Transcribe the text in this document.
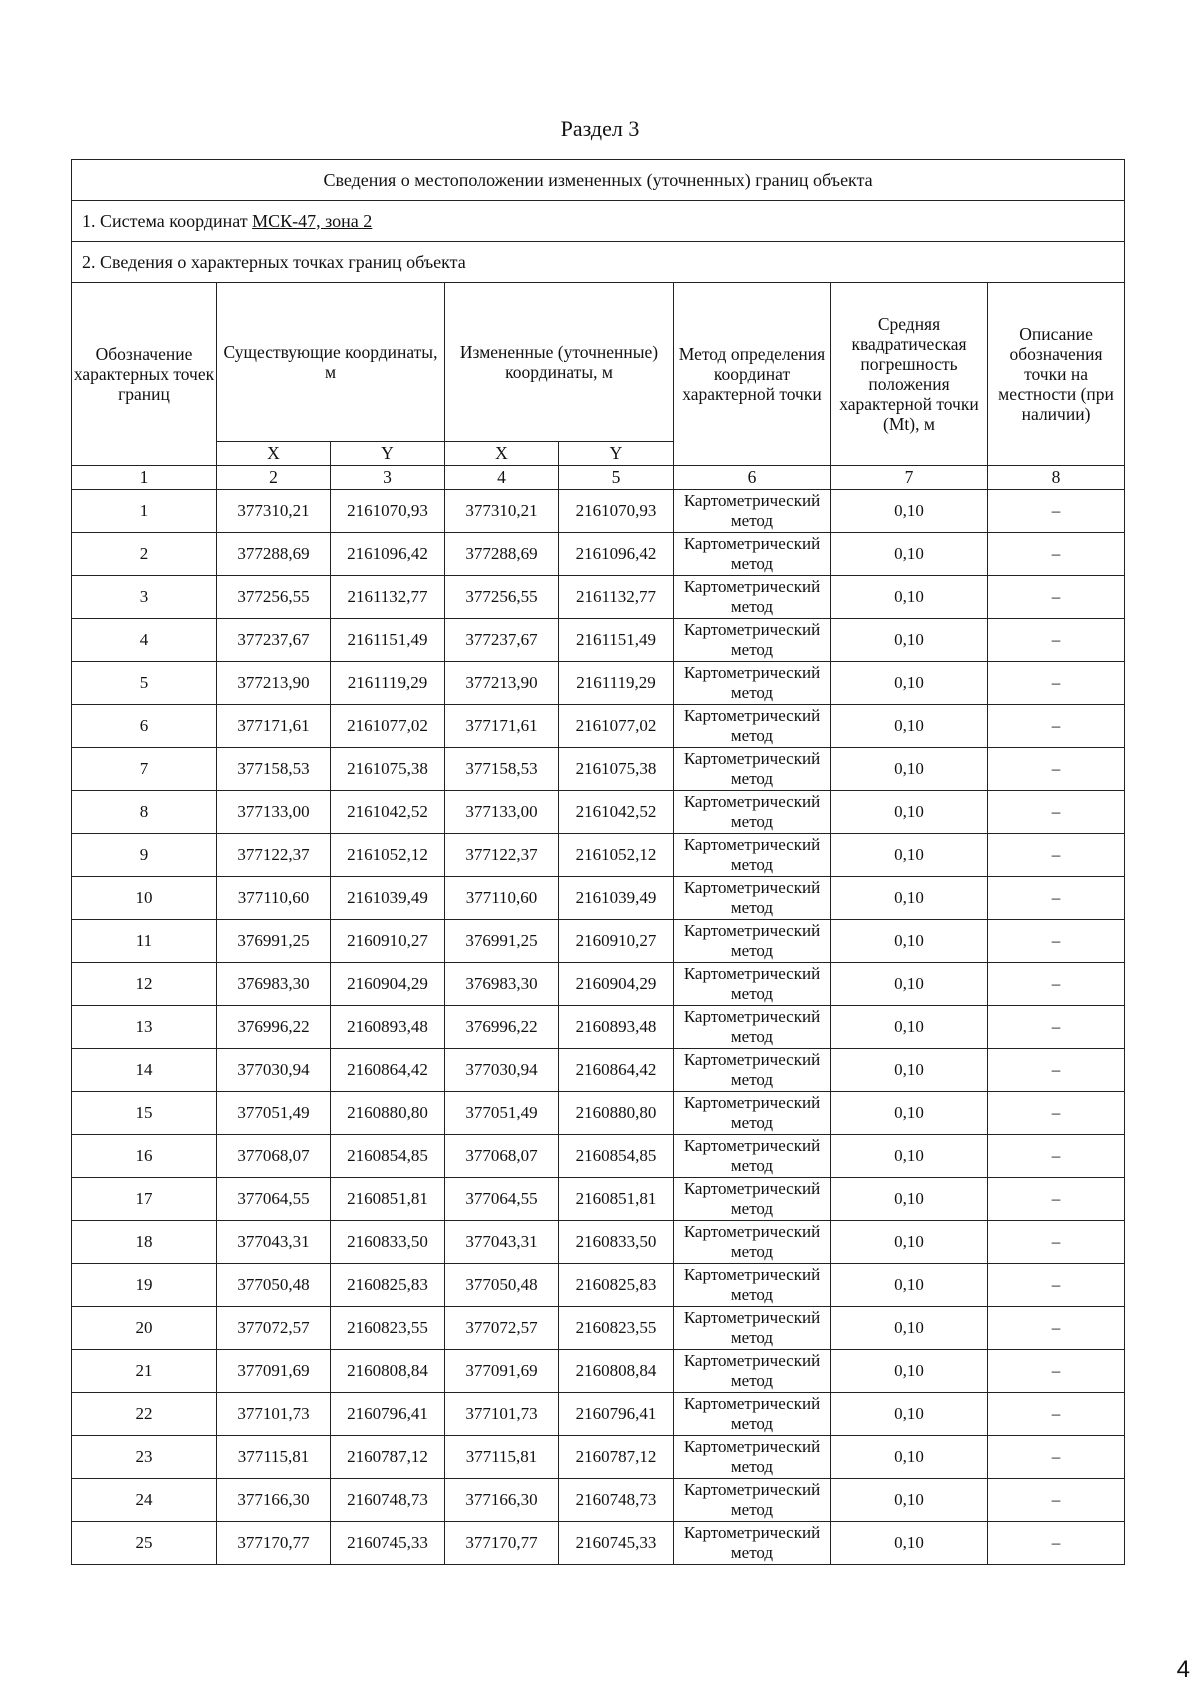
Раздел 3
Сведения о местоположении измененных (уточненных) границ объекта							
1. Система координат МСК-47, зона 2							
2. Сведения о характерных точках границ объекта							
Обозначение характерных точек границ	Существующие координаты, м		Измененные (уточненные) координаты, м		Метод определения координат характерной точки	Средняя квадратическая погрешность положения характерной точки (Mt), м	Описание обозначения точки на местности (при наличии)
	X	Y	X	Y			
1	2	3	4	5	6	7	8
1	377310,21	2161070,93	377310,21	2161070,93	Картометрический метод	0,10	–
2	377288,69	2161096,42	377288,69	2161096,42	Картометрический метод	0,10	–
3	377256,55	2161132,77	377256,55	2161132,77	Картометрический метод	0,10	–
4	377237,67	2161151,49	377237,67	2161151,49	Картометрический метод	0,10	–
5	377213,90	2161119,29	377213,90	2161119,29	Картометрический метод	0,10	–
6	377171,61	2161077,02	377171,61	2161077,02	Картометрический метод	0,10	–
7	377158,53	2161075,38	377158,53	2161075,38	Картометрический метод	0,10	–
8	377133,00	2161042,52	377133,00	2161042,52	Картометрический метод	0,10	–
9	377122,37	2161052,12	377122,37	2161052,12	Картометрический метод	0,10	–
10	377110,60	2161039,49	377110,60	2161039,49	Картометрический метод	0,10	–
11	376991,25	2160910,27	376991,25	2160910,27	Картометрический метод	0,10	–
12	376983,30	2160904,29	376983,30	2160904,29	Картометрический метод	0,10	–
13	376996,22	2160893,48	376996,22	2160893,48	Картометрический метод	0,10	–
14	377030,94	2160864,42	377030,94	2160864,42	Картометрический метод	0,10	–
15	377051,49	2160880,80	377051,49	2160880,80	Картометрический метод	0,10	–
16	377068,07	2160854,85	377068,07	2160854,85	Картометрический метод	0,10	–
17	377064,55	2160851,81	377064,55	2160851,81	Картометрический метод	0,10	–
18	377043,31	2160833,50	377043,31	2160833,50	Картометрический метод	0,10	–
19	377050,48	2160825,83	377050,48	2160825,83	Картометрический метод	0,10	–
20	377072,57	2160823,55	377072,57	2160823,55	Картометрический метод	0,10	–
21	377091,69	2160808,84	377091,69	2160808,84	Картометрический метод	0,10	–
22	377101,73	2160796,41	377101,73	2160796,41	Картометрический метод	0,10	–
23	377115,81	2160787,12	377115,81	2160787,12	Картометрический метод	0,10	–
24	377166,30	2160748,73	377166,30	2160748,73	Картометрический метод	0,10	–
25	377170,77	2160745,33	377170,77	2160745,33	Картометрический метод	0,10	–
4
